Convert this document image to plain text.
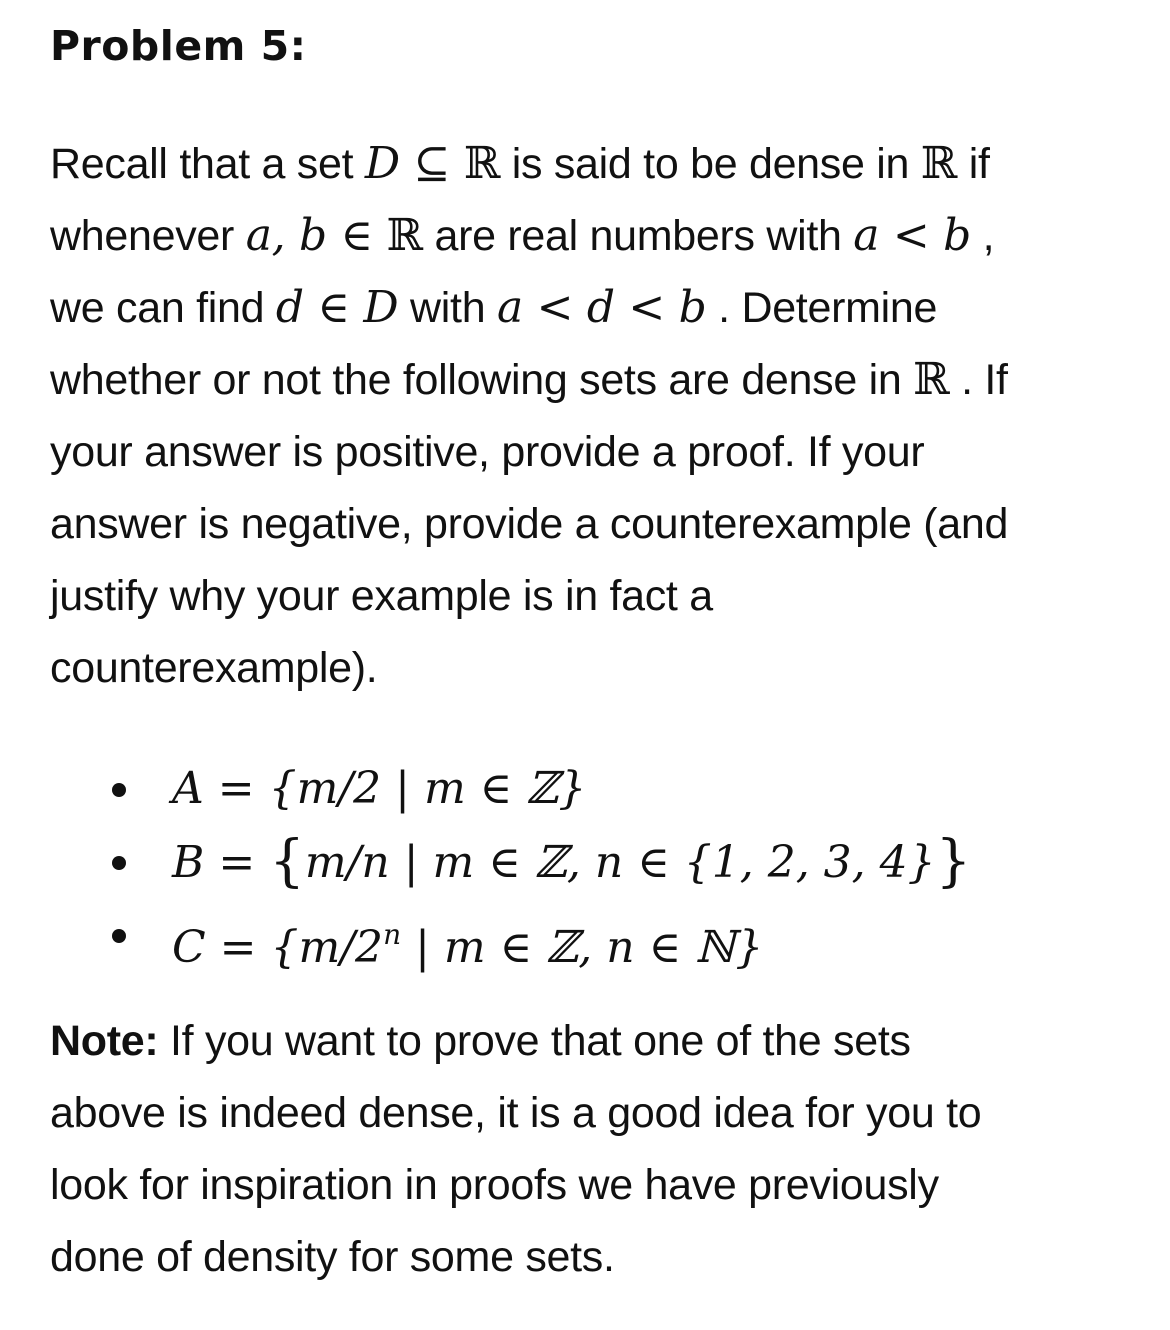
Problem 5:
Recall that a set D ⊆ ℝ is said to be dense in ℝ if
whenever a, b ∈ ℝ are real numbers with a < b ,
we can find d ∈ D with a < d < b . Determine
whether or not the following sets are dense in ℝ . If
your answer is positive, provide a proof. If your
answer is negative, provide a counterexample (and
justify why your example is in fact a
counterexample).
A = {m/2 | m ∈ ℤ}
B = {m/n | m ∈ ℤ, n ∈ {1, 2, 3, 4}}
$C = \{m/2^n$ | m ∈ ℤ, n ∈ ℕ}
Note: If you want to prove that one of the sets
above is indeed dense, it is a good idea for you to
look for inspiration in proofs we have previously
done of density for some sets.
